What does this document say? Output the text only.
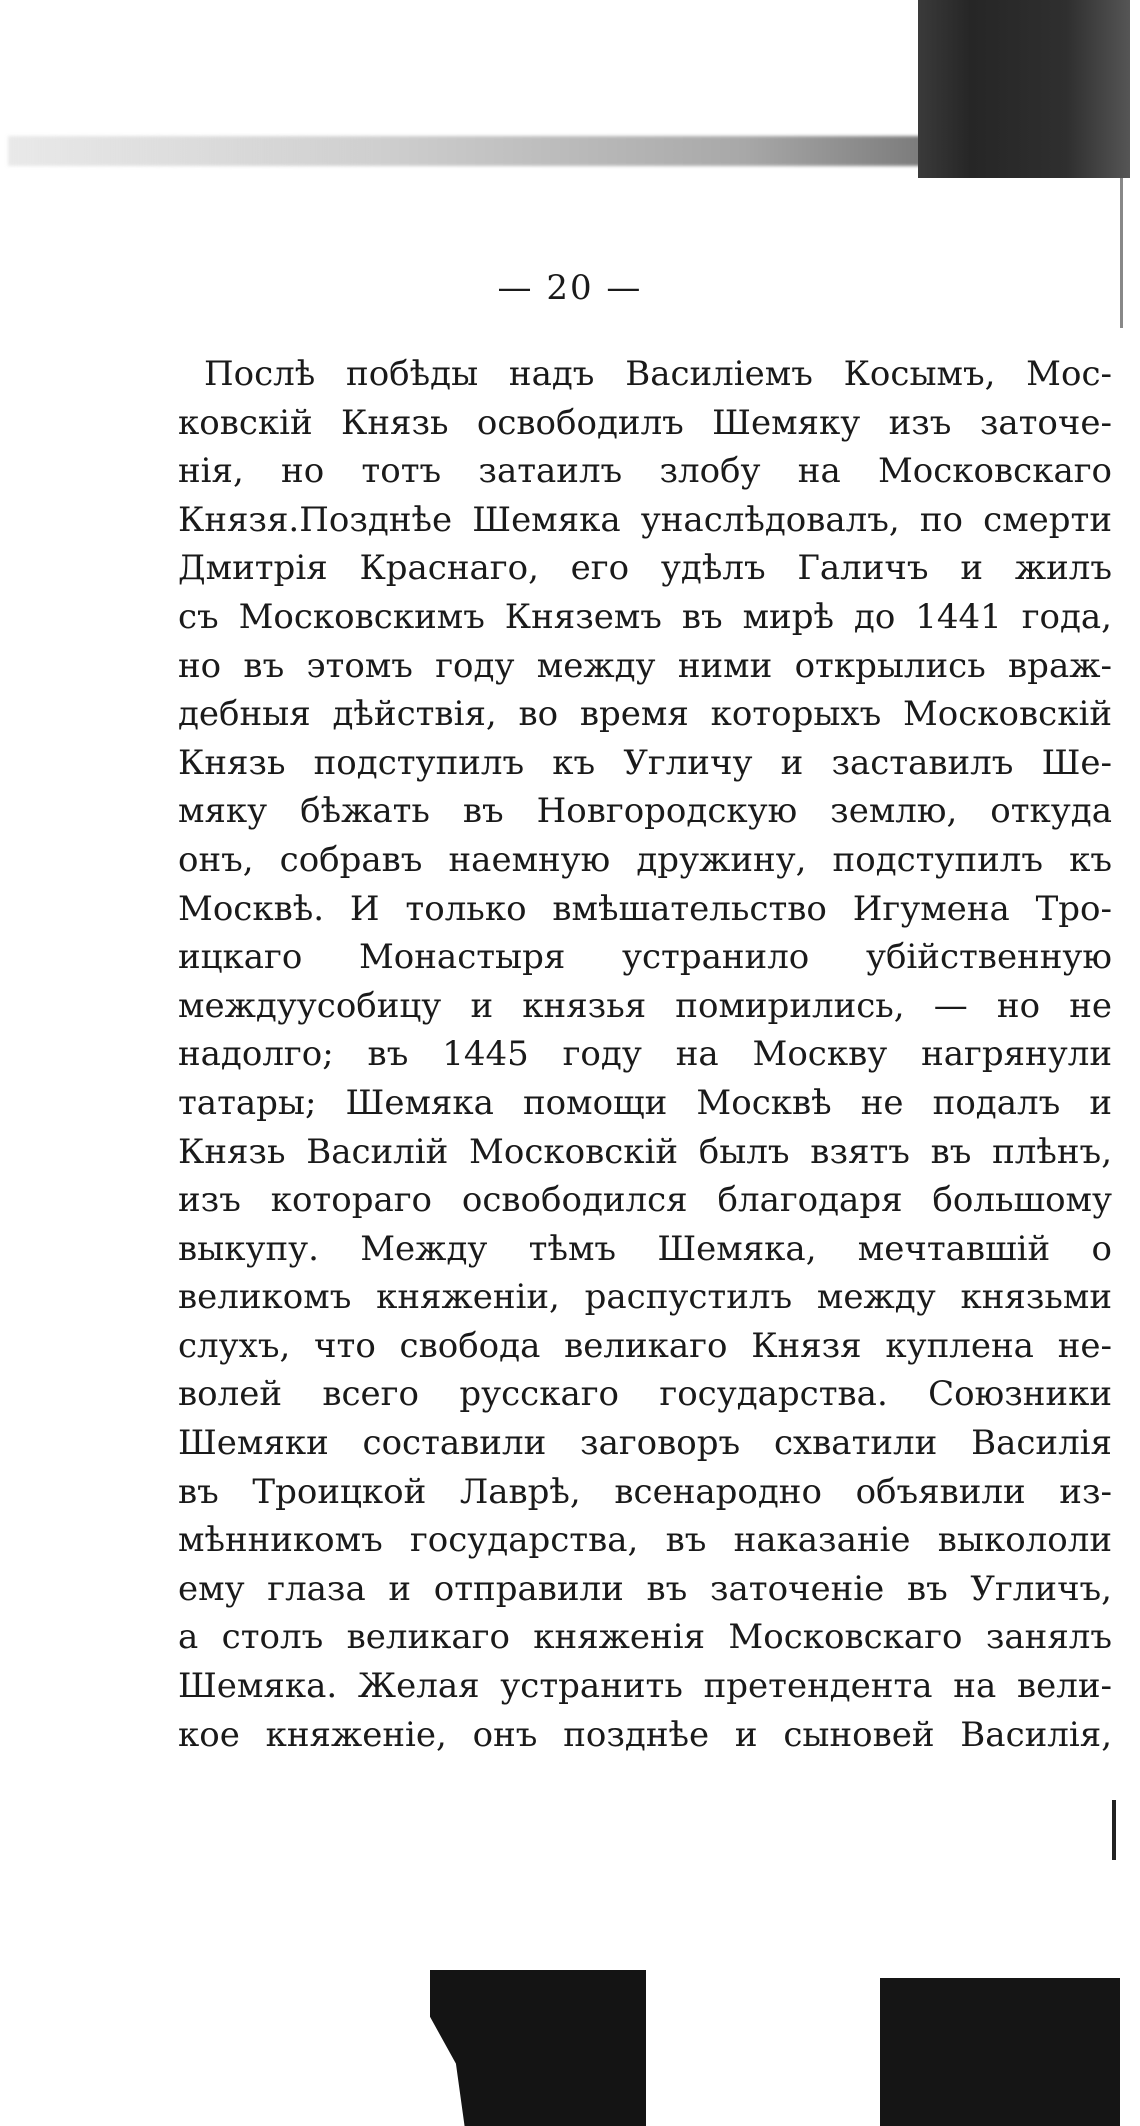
— 20 —
Послѣ побѣды надъ Василіемъ Косымъ, Мос-
ковскій Князь освободилъ Шемяку изъ заточе-
нія, но тотъ затаилъ злобу на Московскаго
Князя.Позднѣе Шемяка унаслѣдовалъ, по смерти
Дмитрія Краснаго, его удѣлъ Галичъ и жилъ
съ Московскимъ Княземъ въ мирѣ до 1441 года,
но въ этомъ году между ними открылись враж-
дебныя дѣйствія, во время которыхъ Московскій
Князь подступилъ къ Угличу и заставилъ Ше-
мяку бѣжать въ Новгородскую землю, откуда
онъ, собравъ наемную дружину, подступилъ къ
Москвѣ. И только вмѣшательство Игумена Тро-
ицкаго Монастыря устранило убійственную
междуусобицу и князья помирились, — но не
надолго; въ 1445 году на Москву нагрянули
татары; Шемяка помощи Москвѣ не подалъ и
Князь Василій Московскій былъ взятъ въ плѣнъ,
изъ котораго освободился благодаря большому
выкупу. Между тѣмъ Шемяка, мечтавшій о
великомъ княженіи, распустилъ между князьми
слухъ, что свобода великаго Князя куплена не-
волей всего русскаго государства. Союзники
Шемяки составили заговоръ схватили Василія
въ Троицкой Лаврѣ, всенародно объявили из-
мѣнникомъ государства, въ наказаніе выкололи
ему глаза и отправили въ заточеніе въ Угличъ,
а столъ великаго княженія Московскаго занялъ
Шемяка. Желая устранить претендента на вели-
кое княженіе, онъ позднѣе и сыновей Василія,
